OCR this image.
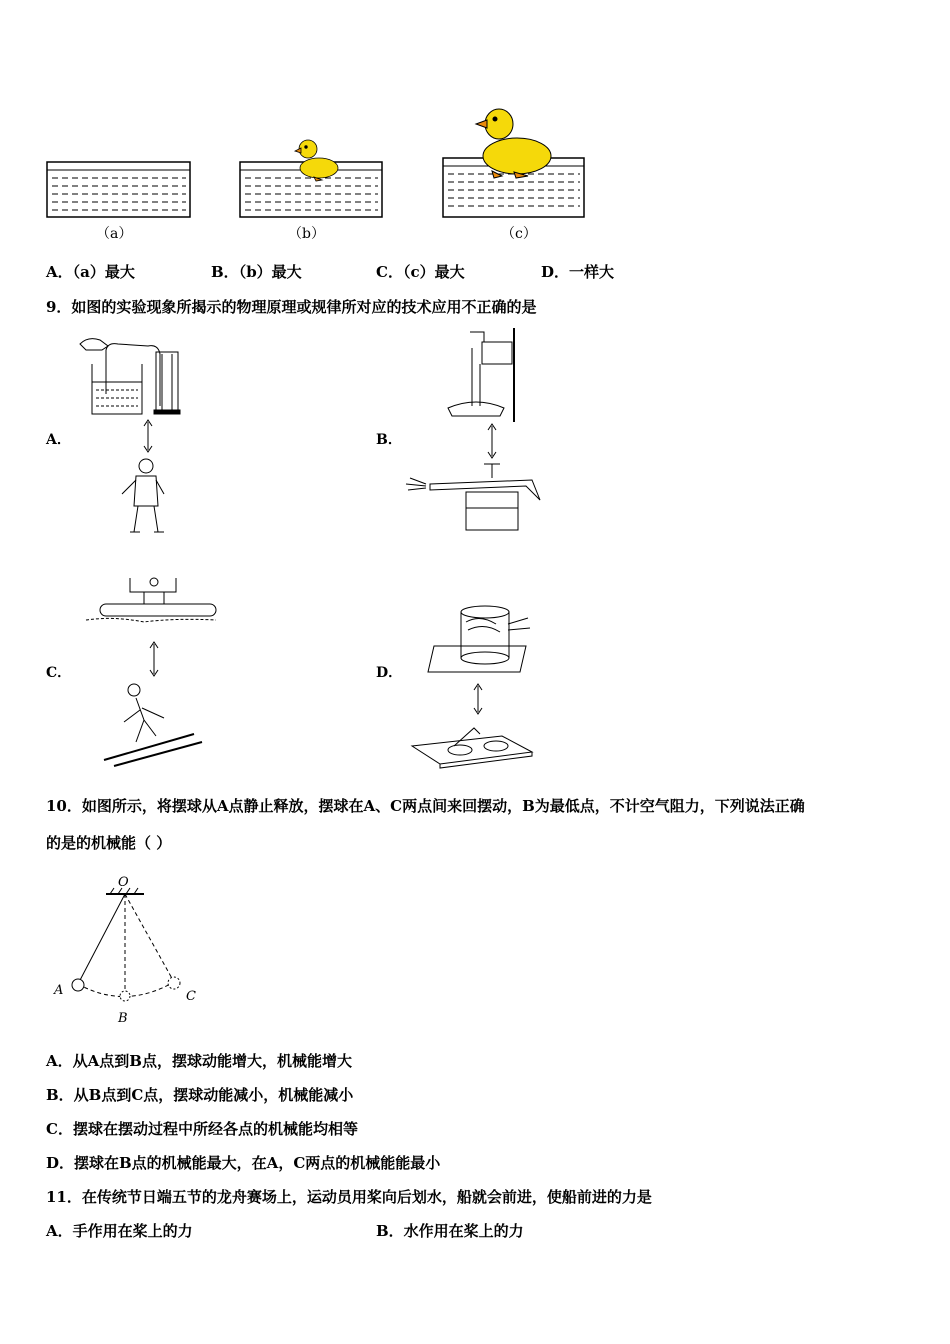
（a）	（b）	（c）
A．（a）最大	B．（b）最大	C．（c）最大	D．一样大
9．如图的实验现象所揭示的物理原理或规律所对应的技术应用不正确的是
A．	B．
C．	D．
10．如图所示，将摆球从A点静止释放，摆球在A、C两点间来回摆动，B为最低点，不计空气阻力，下列说法正确
的是的机械能（ ）
O
A
B
C
A．从A点到B点，摆球动能增大，机械能增大
B．从B点到C点，摆球动能减小，机械能减小
C．摆球在摆动过程中所经各点的机械能均相等
D．摆球在B点的机械能最大，在A，C两点的机械能能最小
11．在传统节日端五节的龙舟赛场上，运动员用桨向后划水，船就会前进，使船前进的力是
A．手作用在桨上的力	B．水作用在桨上的力
